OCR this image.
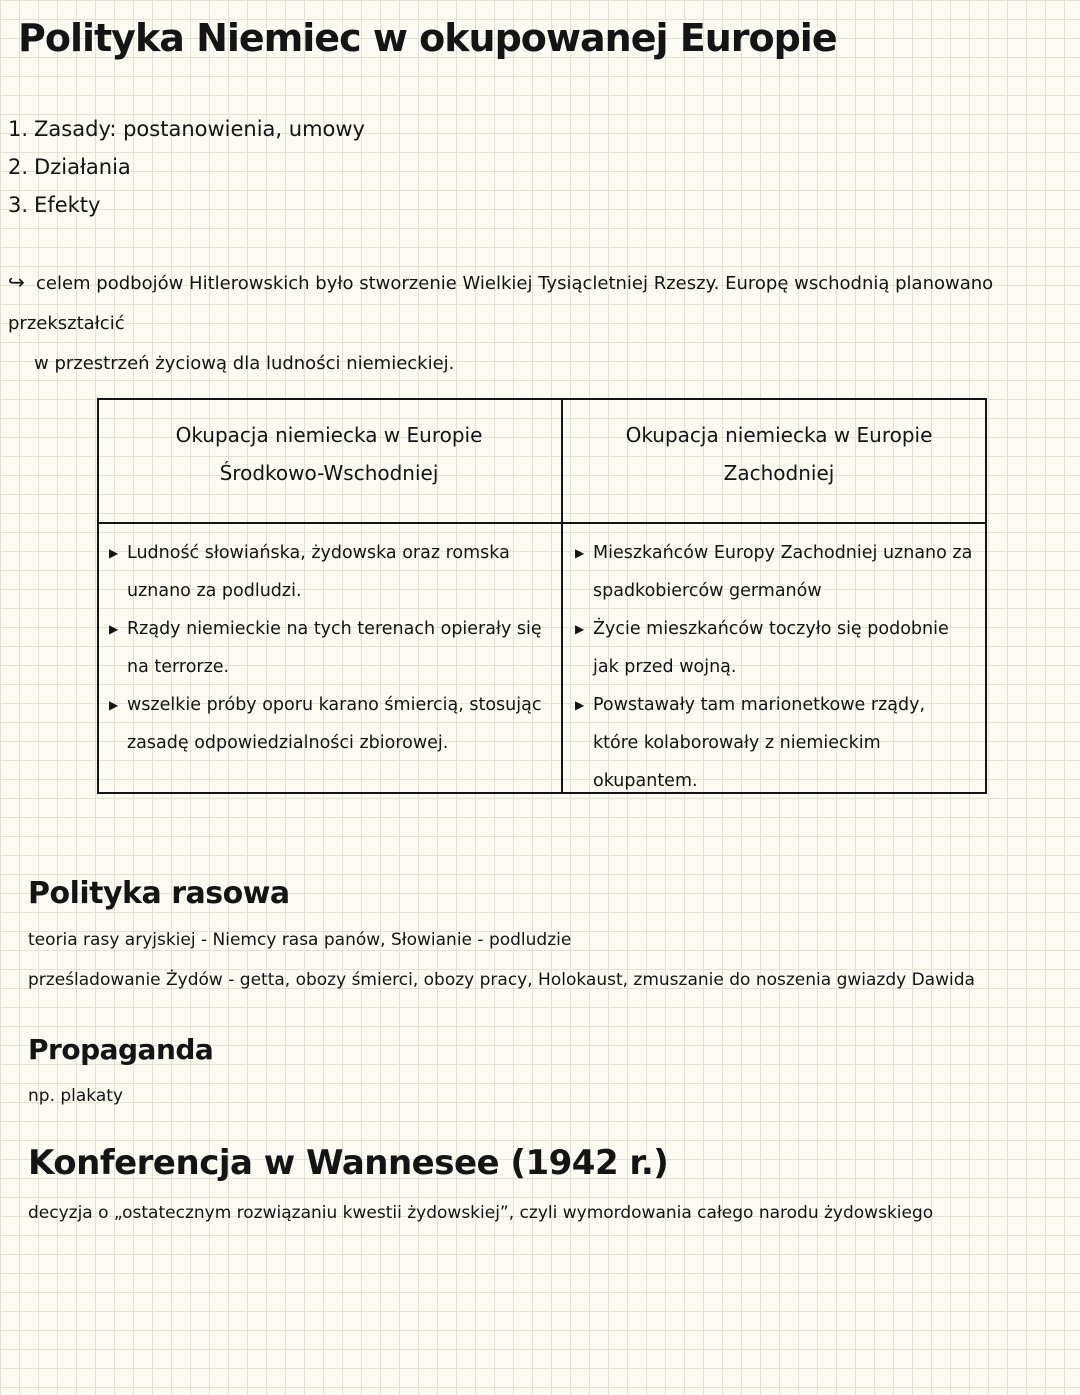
Polityka Niemiec w okupowanej Europie
1. Zasady: postanowienia, umowy
2. Działania
3. Efekty
↪ celem podbojów Hitlerowskich było stworzenie Wielkiej Tysiącletniej Rzeszy. Europę wschodnią planowano przekształcić
w przestrzeń życiową dla ludności niemieckiej.
Okupacja niemiecka w Europie
Środkowo-Wschodniej
Okupacja niemiecka w Europie
Zachodniej
▶ Ludność słowiańska, żydowska oraz romska uznano za podludzi.
▶ Rządy niemieckie na tych terenach opierały się na terrorze.
▶ wszelkie próby oporu karano śmiercią, stosując zasadę odpowiedzialności zbiorowej.
▶ Mieszkańców Europy Zachodniej uznano za spadkobierców germanów
▶ Życie mieszkańców toczyło się podobnie jak przed wojną.
▶ Powstawały tam marionetkowe rządy, które kolaborowały z niemieckim okupantem.
Polityka rasowa
teoria rasy aryjskiej - Niemcy rasa panów, Słowianie - podludzie
prześladowanie Żydów - getta, obozy śmierci, obozy pracy, Holokaust, zmuszanie do noszenia gwiazdy Dawida
Propaganda
np. plakaty
Konferencja w Wannesee (1942 r.)
decyzja o „ostatecznym rozwiązaniu kwestii żydowskiej”, czyli wymordowania całego narodu żydowskiego
